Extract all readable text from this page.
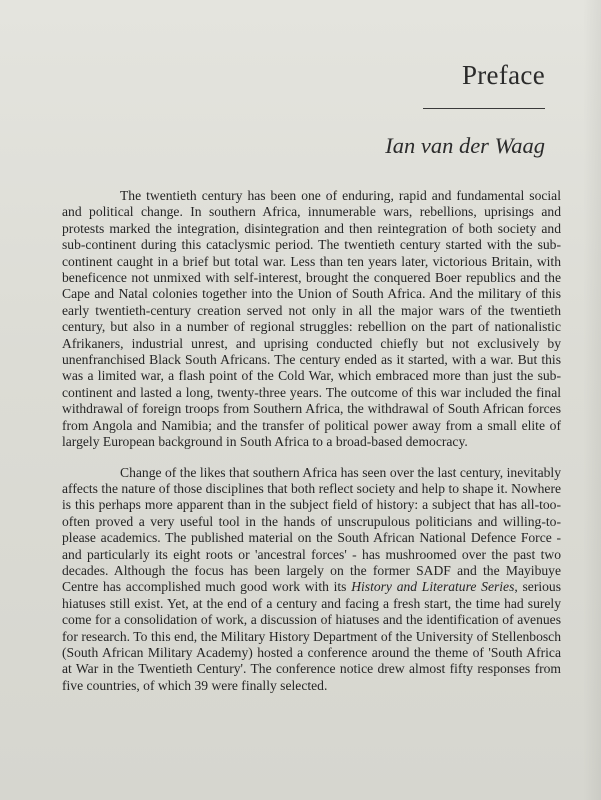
Preface
Ian van der Waag

The twentieth century has been one of enduring, rapid and fundamental social and political change. In southern Africa, innumerable wars, rebellions, uprisings and protests marked the integration, disintegration and then reintegration of both society and sub-continent during this cataclysmic period. The twentieth century started with the sub-continent caught in a brief but total war. Less than ten years later, victorious Britain, with beneficence not unmixed with self-interest, brought the conquered Boer republics and the Cape and Natal colonies together into the Union of South Africa. And the military of this early twentieth-century creation served not only in all the major wars of the twentieth century, but also in a number of regional struggles: rebellion on the part of nationalistic Afrikaners, industrial unrest, and uprising conducted chiefly but not exclusively by unenfranchised Black South Africans. The century ended as it started, with a war. But this was a limited war, a flash point of the Cold War, which embraced more than just the sub-continent and lasted a long, twenty-three years. The outcome of this war included the final withdrawal of foreign troops from Southern Africa, the withdrawal of South African forces from Angola and Namibia; and the transfer of political power away from a small elite of largely European background in South Africa to a broad-based democracy.

Change of the likes that southern Africa has seen over the last century, inevitably affects the nature of those disciplines that both reflect society and help to shape it. Nowhere is this perhaps more apparent than in the subject field of history: a subject that has all-too-often proved a very useful tool in the hands of unscrupulous politicians and willing-to-please academics. The published material on the South African National Defence Force - and particularly its eight roots or 'ancestral forces' - has mushroomed over the past two decades. Although the focus has been largely on the former SADF and the Mayibuye Centre has accomplished much good work with its History and Literature Series, serious hiatuses still exist. Yet, at the end of a century and facing a fresh start, the time had surely come for a consolidation of work, a discussion of hiatuses and the identification of avenues for research. To this end, the Military History Department of the University of Stellenbosch (South African Military Academy) hosted a conference around the theme of 'South Africa at War in the Twentieth Century'. The conference notice drew almost fifty responses from five countries, of which 39 were finally selected.
